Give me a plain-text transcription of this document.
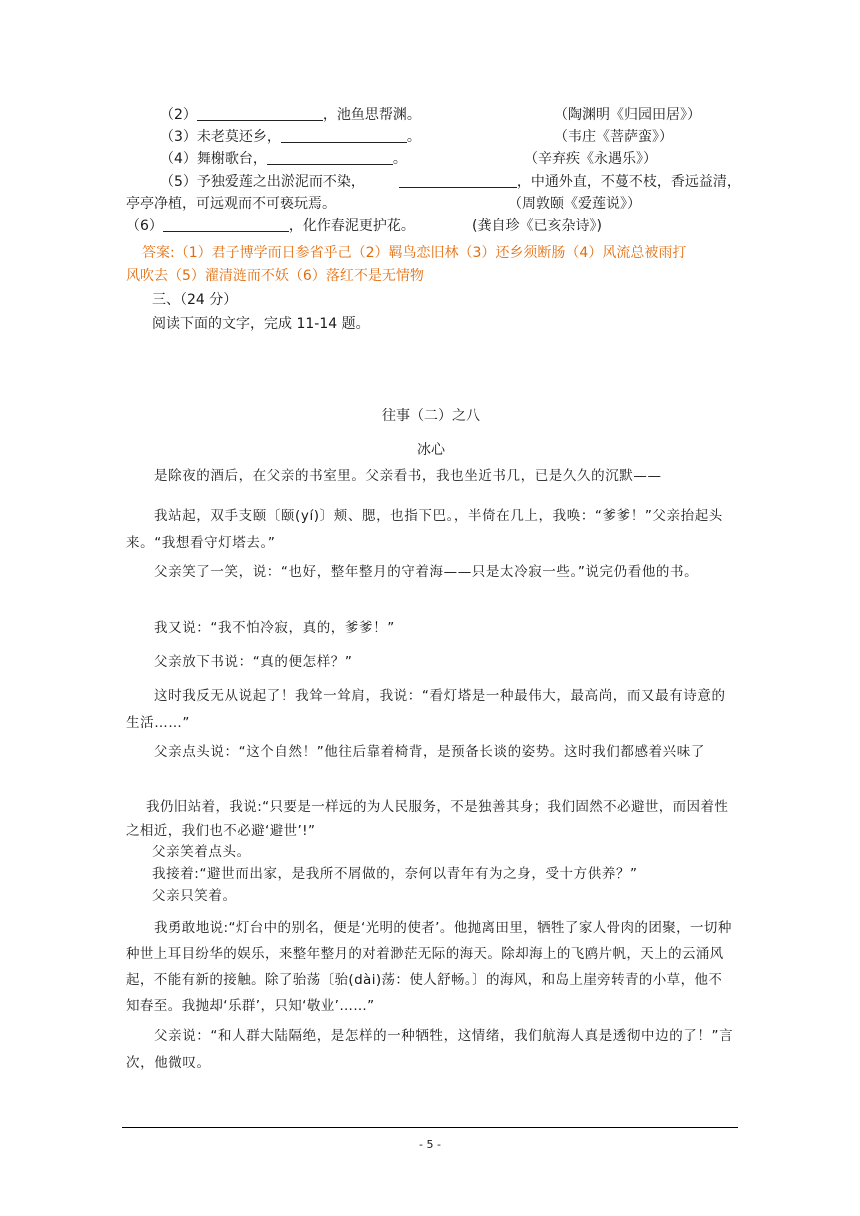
（2）	，池鱼思帮渊。	（陶渊明《归园田居》）
（3）未老莫还乡，	。	（韦庄《菩萨蛮》）
（4）舞榭歌台，	。	（辛弃疾《永遇乐》）
（5）予独爱莲之出淤泥而不染，	，中通外直，不蔓不枝，香远益清，
亭亭净植，可远观而不可亵玩焉。	（周敦颐《爱莲说》）
（6）	，化作春泥更护花。	(龚自珍《已亥杂诗》)
答案:（1）君子博学而日参省乎己（2）羁鸟恋旧林（3）还乡须断肠（4）风流总被雨打
风吹去（5）濯清涟而不妖（6）落红不是无情物
三、（24 分）
阅读下面的文字，完成 11-14 题。
往事（二）之八
冰心

是除夜的酒后，在父亲的书室里。父亲看书，我也坐近书几，已是久久的沉默——

我站起，双手支颐〔颐(yí)〕颊、腮，也指下巴。，半倚在几上，我唤：“爹爹！”父亲抬起头来。“我想看守灯塔去。”

父亲笑了一笑，说：“也好，整年整月的守着海——只是太冷寂一些。”说完仍看他的书。

我又说：“我不怕冷寂，真的，爹爹！”

父亲放下书说：“真的便怎样？”

这时我反无从说起了！我耸一耸肩，我说：“看灯塔是一种最伟大，最高尚，而又最有诗意的生活……”

父亲点头说：“这个自然！”他往后靠着椅背，是预备长谈的姿势。这时我们都感着兴味了

我仍旧站着，我说:“只要是一样远的为人民服务，不是独善其身；我们固然不必避世，而因着性之相近，我们也不必避‘避世’!”

父亲笑着点头。

我接着:“避世而出家，是我所不屑做的，奈何以青年有为之身，受十方供养？”

父亲只笑着。

我勇敢地说:“灯台中的别名，便是‘光明的使者’。他抛离田里，牺牲了家人骨肉的团聚，一切种种世上耳目纷华的娱乐，来整年整月的对着渺茫无际的海天。除却海上的飞鸥片帆，天上的云涌风起，不能有新的接触。除了骀荡〔骀(dài)荡：使人舒畅。〕的海风，和岛上崖旁转青的小草，他不知春至。我抛却‘乐群’，只知‘敬业’……”

父亲说：“和人群大陆隔绝，是怎样的一种牺牲，这情绪，我们航海人真是透彻中边的了！”言次，他微叹。

- 5 -
